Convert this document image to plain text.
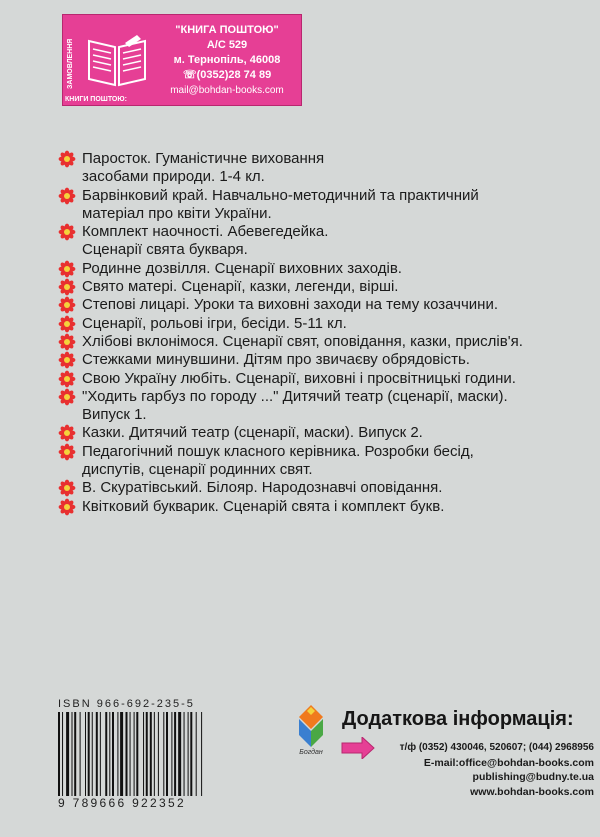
ЗАМОВЛЕННЯ
КНИГИ ПОШТОЮ:
"КНИГА ПОШТОЮ"
А/С 529
м. Тернопіль, 46008
☏(0352)28 74 89
mail@bohdan-books.com
Паросток. Гуманістичне виховання
засобами природи. 1-4 кл.
Барвінковий край. Навчально-методичний та практичний
матеріал про квіти України.
Комплект наочності. Абевегедейка.
Сценарії свята букваря.
Родинне дозвілля. Сценарії виховних заходів.
Свято матері. Сценарії, казки, легенди, вірші.
Степові лицарі. Уроки та виховні заходи на тему козаччини.
Сценарії, рольові ігри, бесіди. 5-11 кл.
Хлібові вклонімося. Сценарії свят, оповідання, казки, прислів'я.
Стежками минувшини. Дітям про звичаєву обрядовість.
Свою Україну любіть. Сценарії, виховні і просвітницькі години.
"Ходить гарбуз по городу ..." Дитячий театр (сценарії, маски).
Випуск 1.
Казки. Дитячий театр (сценарії, маски). Випуск 2.
Педагогічний пошук класного керівника. Розробки бесід,
диспутів, сценарії родинних свят.
В. Скуратівський. Білояр. Народознавчі оповідання.
Квітковий букварик. Сценарій свята і комплект букв.
ISBN 966-692-235-5
9 789666 922352
Богдан
Додаткова інформація:
т/ф (0352) 430046, 520607; (044) 2968956
E-mail:office@bohdan-books.com
publishing@budny.te.ua
www.bohdan-books.com
